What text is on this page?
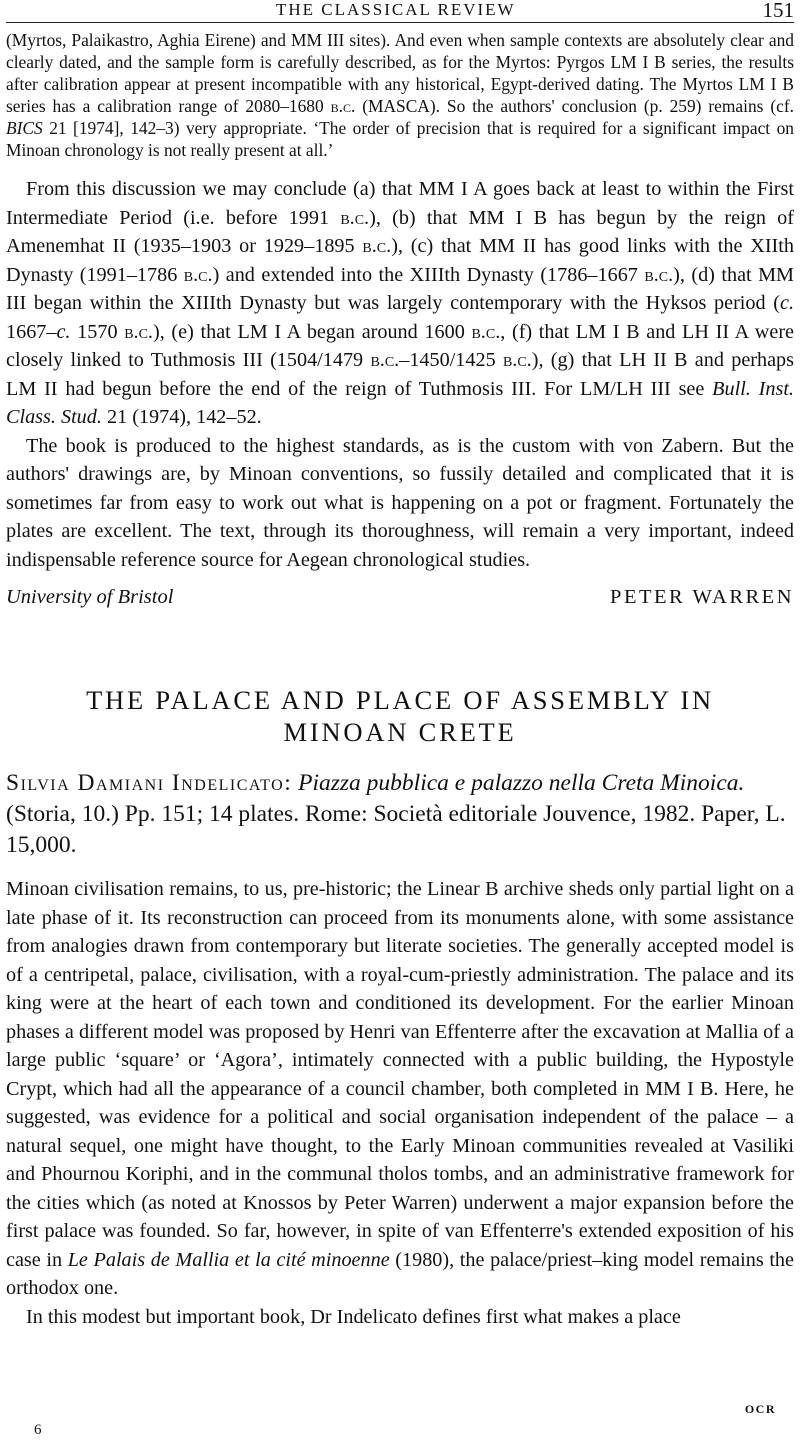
THE CLASSICAL REVIEW	151

(Myrtos, Palaikastro, Aghia Eirene) and MM III sites). And even when sample contexts are absolutely clear and clearly dated, and the sample form is carefully described, as for the Myrtos: Pyrgos LM I B series, the results after calibration appear at present incompatible with any historical, Egypt-derived dating. The Myrtos LM I B series has a calibration range of 2080–1680 b.c. (MASCA). So the authors' conclusion (p. 259) remains (cf. BICS 21 [1974], 142–3) very appropriate. ‘The order of precision that is required for a significant impact on Minoan chronology is not really present at all.’

From this discussion we may conclude (a) that MM I A goes back at least to within the First Intermediate Period (i.e. before 1991 b.c.), (b) that MM I B has begun by the reign of Amenemhat II (1935–1903 or 1929–1895 b.c.), (c) that MM II has good links with the XIIth Dynasty (1991–1786 b.c.) and extended into the XIIIth Dynasty (1786–1667 b.c.), (d) that MM III began within the XIIIth Dynasty but was largely contemporary with the Hyksos period (c. 1667–c. 1570 b.c.), (e) that LM I A began around 1600 b.c., (f) that LM I B and LH II A were closely linked to Tuthmosis III (1504/1479 b.c.–1450/1425 b.c.), (g) that LH II B and perhaps LM II had begun before the end of the reign of Tuthmosis III. For LM/LH III see Bull. Inst. Class. Stud. 21 (1974), 142–52.

The book is produced to the highest standards, as is the custom with von Zabern. But the authors' drawings are, by Minoan conventions, so fussily detailed and complicated that it is sometimes far from easy to work out what is happening on a pot or fragment. Fortunately the plates are excellent. The text, through its thoroughness, will remain a very important, indeed indispensable reference source for Aegean chronological studies.

University of Bristol	PETER WARREN
THE PALACE AND PLACE OF ASSEMBLY IN
MINOAN CRETE

Silvia Damiani Indelicato: Piazza pubblica e palazzo nella Creta Minoica. (Storia, 10.) Pp. 151; 14 plates. Rome: Società editoriale Jouvence, 1982. Paper, L. 15,000.

Minoan civilisation remains, to us, pre-historic; the Linear B archive sheds only partial light on a late phase of it. Its reconstruction can proceed from its monuments alone, with some assistance from analogies drawn from contemporary but literate societies. The generally accepted model is of a centripetal, palace, civilisation, with a royal-cum-priestly administration. The palace and its king were at the heart of each town and conditioned its development. For the earlier Minoan phases a different model was proposed by Henri van Effenterre after the excavation at Mallia of a large public ‘square’ or ‘Agora’, intimately connected with a public building, the Hypostyle Crypt, which had all the appearance of a council chamber, both completed in MM I B. Here, he suggested, was evidence for a political and social organisation independent of the palace – a natural sequel, one might have thought, to the Early Minoan communities revealed at Vasiliki and Phournou Koriphi, and in the communal tholos tombs, and an administrative framework for the cities which (as noted at Knossos by Peter Warren) underwent a major expansion before the first palace was founded. So far, however, in spite of van Effenterre's extended exposition of his case in Le Palais de Mallia et la cité minoenne (1980), the palace/priest–king model remains the orthodox one.

In this modest but important book, Dr Indelicato defines first what makes a place

OCR
6
